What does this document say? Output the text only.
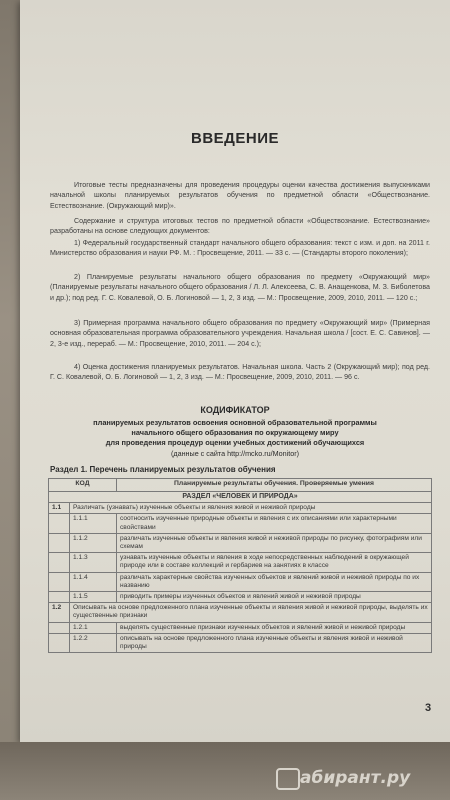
ВВЕДЕНИЕ
Итоговые тесты предназначены для проведения процедуры оценки качества достижения выпускниками начальной школы планируемых результатов обучения по предметной области «Обществознание. Естествознание. (Окружающий мир)».
Содержание и структура итоговых тестов по предметной области «Обществознание. Естествознание» разработаны на основе следующих документов:
1) Федеральный государственный стандарт начального общего образования: текст с изм. и доп. на 2011 г. Министерство образования и науки РФ. М. : Просвещение, 2011. — 33 с. — (Стандарты второго поколения);
2) Планируемые результаты начального общего образования по предмету «Окружающий мир» (Планируемые результаты начального общего образования / Л. Л. Алексеева, С. В. Анащенкова, М. З. Биболетова и др.); под ред. Г. С. Ковалевой, О. Б. Логиновой — 1, 2, 3 изд. — М.: Просвещение, 2009, 2010, 2011. — 120 с.;
3) Примерная программа начального общего образования по предмету «Окружающий мир» (Примерная основная образовательная программа образовательного учреждения. Начальная школа / [сост. Е. С. Савинов]. — 2, 3-е изд., перераб. — М.: Просвещение, 2010, 2011. — 204 с.);
4) Оценка достижения планируемых результатов. Начальная школа. Часть 2 (Окружающий мир); под ред. Г. С. Ковалевой, О. Б. Логиновой — 1, 2, 3 изд. — М.: Просвещение, 2009, 2010, 2011. — 96 с.
КОДИФИКАТОР
планируемых результатов освоения основной образовательной программы
начального общего образования по окружающему миру
для проведения процедур оценки учебных достижений обучающихся
(данные с сайта http://mcko.ru/Monitor)
Раздел 1. Перечень планируемых результатов обучения
КОД		Планируемые результаты обучения. Проверяемые умения
РАЗДЕЛ «ЧЕЛОВЕК И ПРИРОДА»		
1.1	Различать (узнавать) изученные объекты и явления живой и неживой природы	
	1.1.1	соотносить изученные природные объекты и явления с их описаниями или характерными свойствами
	1.1.2	различать изученные объекты и явления живой и неживой природы по рисунку, фотографиям или схемам
	1.1.3	узнавать изученные объекты и явления в ходе непосредственных наблюдений в окружающей природе или в составе коллекций и гербариев на занятиях в классе
	1.1.4	различать характерные свойства изученных объектов и явлений живой и неживой природы по их названию
	1.1.5	приводить примеры изученных объектов и явлений живой и неживой природы
1.2	Описывать на основе предложенного плана изученные объекты и явления живой и неживой природы, выделять их существенные признаки	
	1.2.1	выделять существенные признаки изученных объектов и явлений живой и неживой природы
	1.2.2	описывать на основе предложенного плана изученные объекты и явления живой и неживой природы
3
абирант.ру
